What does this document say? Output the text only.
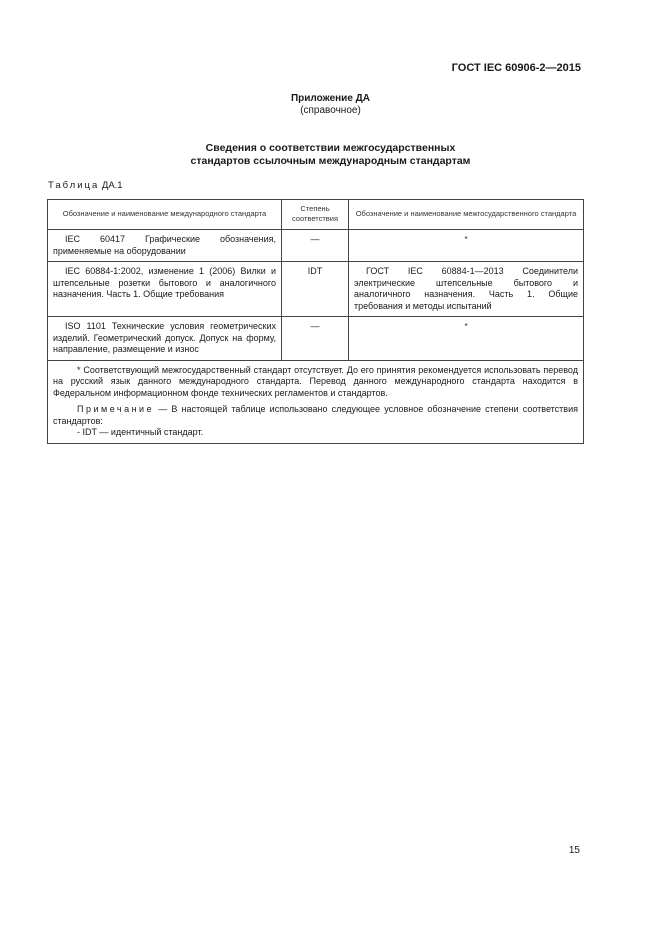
ГОСТ IEC 60906-2—2015
Приложение ДА
(справочное)
Сведения о соответствии межгосударственных
стандартов ссылочным международным стандартам
Таблица ДА.1
Обозначение и наименование международного стандарта	Степень соответствия	Обозначение и наименование межгосударственного стандарта
IEC 60417 Графические обозначения, применяемые на оборудовании	—	*
IEC 60884-1:2002, изменение 1 (2006) Вилки и штепсельные розетки бытового и аналогичного назначения. Часть 1. Общие требования	IDT	ГОСТ IEC 60884-1—2013 Соединители электрические штепсельные бытового и аналогичного назначения. Часть 1. Общие требования и методы испытаний
ISO 1101 Технические условия геометрических изделий. Геометрический допуск. Допуск на форму, направление, размещение и износ	—	*

* Соответствующий межгосударственный стандарт отсутствует. До его принятия рекомендуется использовать перевод на русский язык данного международного стандарта. Перевод данного международного стандарта находится в Федеральном информационном фонде технических регламентов и стандартов.

Примечание — В настоящей таблице использовано следующее условное обозначение степени соответствия стандартов:

- IDT — идентичный стандарт.		
15
